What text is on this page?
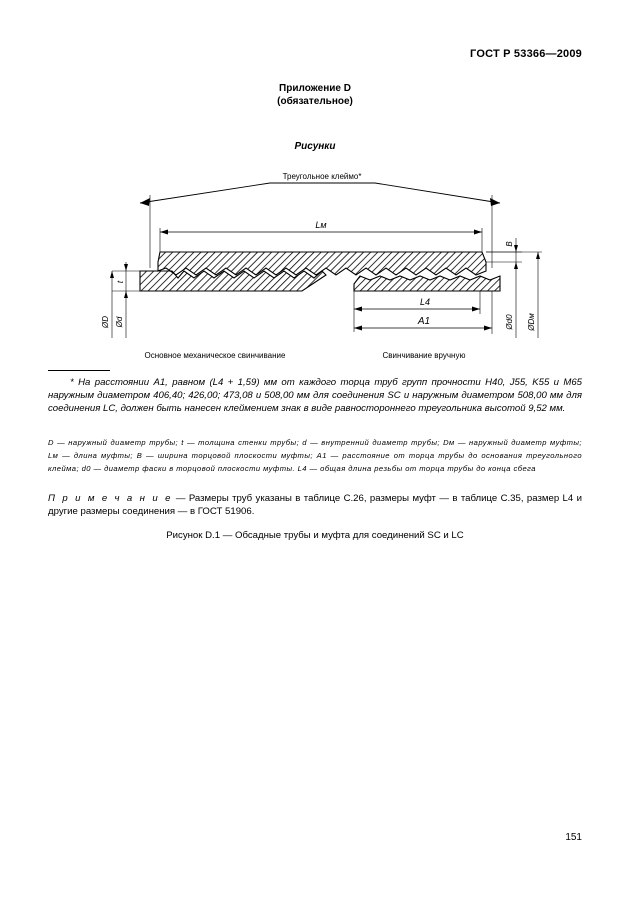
ГОСТ Р 53366—2009
Приложение D
(обязательное)
Рисунки
Треугольное клеймо*
Lм
t
ØD Ød
L4
A1
B
Ød0 ØDм
Основное механическое свинчивание	Свинчивание вручную
* На расстоянии A1, равном (L4 + 1,59) мм от каждого торца труб групп прочности H40, J55, K55 и M65 наружным диаметром 406,40; 426,00; 473,08 и 508,00 мм для соединения SC и наружным диаметром 508,00 мм для соединения LC, должен быть нанесен клеймением знак в виде равностороннего треугольника высотой 9,52 мм.
D — наружный диаметр трубы; t — толщина стенки трубы; d — внутренний диаметр трубы; Dм — наружный диаметр муфты; Lм — длина муфты; B — ширина торцовой плоскости муфты; A1 — расстояние от торца трубы до основания треугольного клейма; d0 — диаметр фаски в торцовой плоскости муфты. L4 — общая длина резьбы от торца трубы до конца сбега
П р и м е ч а н и е — Размеры труб указаны в таблице C.26, размеры муфт — в таблице C.35, размер L4 и другие размеры соединения — в ГОСТ 51906.
Рисунок D.1 — Обсадные трубы и муфта для соединений SC и LC
151
